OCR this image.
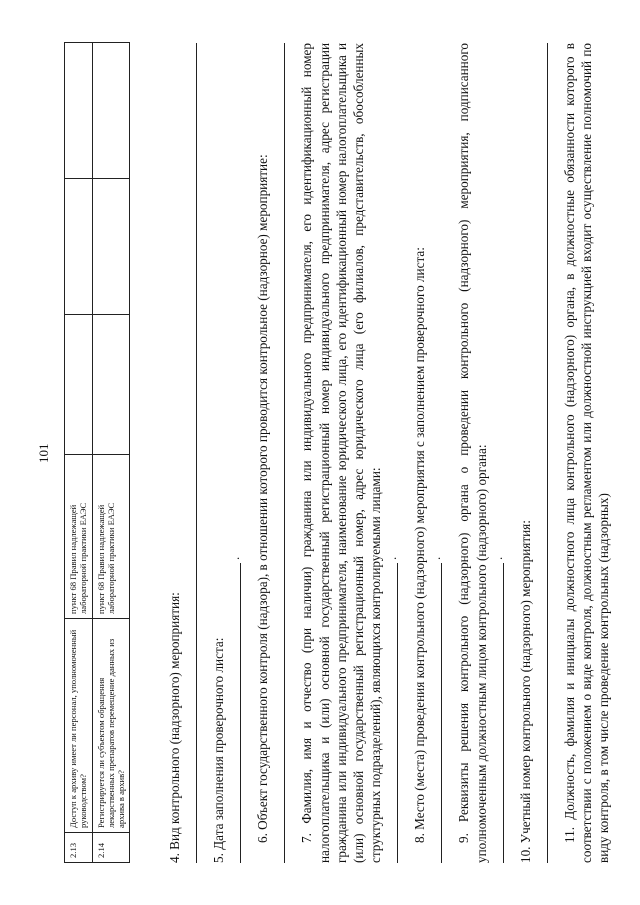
101
2.13	Доступ к архиву имеет ли персонал, уполномоченный руководством?	пункт 68 Правил надлежащей лабораторной практики ЕАЭС			
2.14	Регистрируется ли субъектом обращения лекарственных препаратов перемещение данных из архива в архив?	пункт 68 Правил надлежащей лабораторной практики ЕАЭС			

4. Вид контрольного (надзорного) мероприятия: 5. Дата заполнения проверочного листа:

. 6. Объект государственного контроля (надзора), в отношении которого проводится контрольное (надзорное) мероприятие: 7. Фамилия, имя и отчество (при наличии) гражданина или индивидуального предпринимателя, его идентификационный номер налогоплательщика и (или) основной государственный регистрационный номер индивидуального предпринимателя, адрес регистрации гражданина или индивидуального предпринимателя, наименование юридического лица, его идентификационный номер налогоплательщика и (или) основной государственный регистрационный номер, адрес юридического лица (его филиалов, представительств, обособленных структурных подразделений), являющихся контролируемыми лицами: . 8. Место (места) проведения контрольного (надзорного) мероприятия с заполнением проверочного листа: . 9. Реквизиты решения контрольного (надзорного) органа о проведении контрольного (надзорного) мероприятия, подписанного уполномоченным должностным лицом контрольного (надзорного) органа: . 10. Учетный номер контрольного (надзорного) мероприятия: 11. Должность, фамилия и инициалы должностного лица контрольного (надзорного) органа, в должностные обязанности которого в соответствии с положением о виде контроля, должностным регламентом или должностной инструкцией входит осуществление полномочий по виду контроля, в том числе проведение контрольных (надзорных)
